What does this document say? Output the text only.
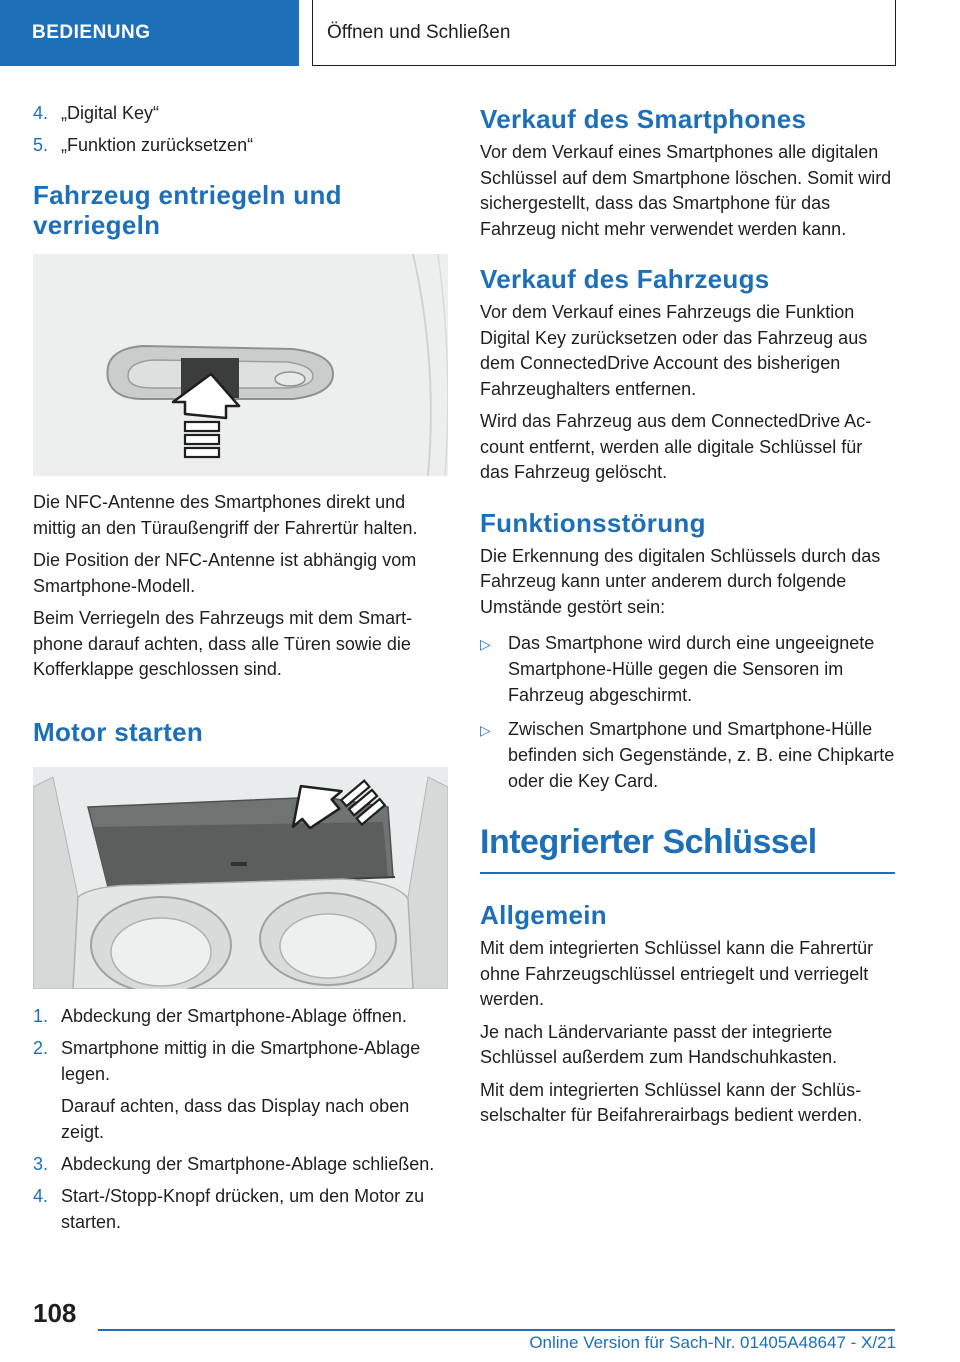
BEDIENUNG	Öffnen und Schließen
4. „Digital Key“
5. „Funktion zurücksetzen“
Fahrzeug entriegeln und verriegeln

Die NFC-Antenne des Smartphones direkt und mittig an den Türaußengriff der Fahrertür halten.

Die Position der NFC-Antenne ist abhängig vom Smartphone-Modell.

Beim Verriegeln des Fahrzeugs mit dem Smartphone darauf achten, dass alle Türen sowie die Kofferklappe geschlossen sind.

Motor starten
1. Abdeckung der Smartphone-Ablage öffnen.
2. Smartphone mittig in die Smartphone-Ablage legen.
Darauf achten, dass das Display nach oben zeigt.
3. Abdeckung der Smartphone-Ablage schließen.
4. Start-/Stopp-Knopf drücken, um den Motor zu starten.
Verkauf des Smartphones

Vor dem Verkauf eines Smartphones alle digitalen Schlüssel auf dem Smartphone löschen. Somit wird sichergestellt, dass das Smartphone für das Fahrzeug nicht mehr verwendet werden kann.

Verkauf des Fahrzeugs

Vor dem Verkauf eines Fahrzeugs die Funktion Digital Key zurücksetzen oder das Fahrzeug aus dem ConnectedDrive Account des bisherigen Fahrzeughalters entfernen.

Wird das Fahrzeug aus dem ConnectedDrive Account entfernt, werden alle digitale Schlüssel für das Fahrzeug gelöscht.

Funktionsstörung

Die Erkennung des digitalen Schlüssels durch das Fahrzeug kann unter anderem durch folgende Umstände gestört sein:

▷ Das Smartphone wird durch eine ungeeignete Smartphone-Hülle gegen die Sensoren im Fahrzeug abgeschirmt.
▷ Zwischen Smartphone und Smartphone-Hülle befinden sich Gegenstände, z. B. eine Chipkarte oder die Key Card.
Integrierter Schlüssel
Allgemein

Mit dem integrierten Schlüssel kann die Fahrertür ohne Fahrzeugschlüssel entriegelt und verriegelt werden.

Je nach Ländervariante passt der integrierte Schlüssel außerdem zum Handschuhkasten.

Mit dem integrierten Schlüssel kann der Schlüsselschalter für Beifahrerairbags bedient werden.

108
Online Version für Sach-Nr. 01405A48647 - X/21
